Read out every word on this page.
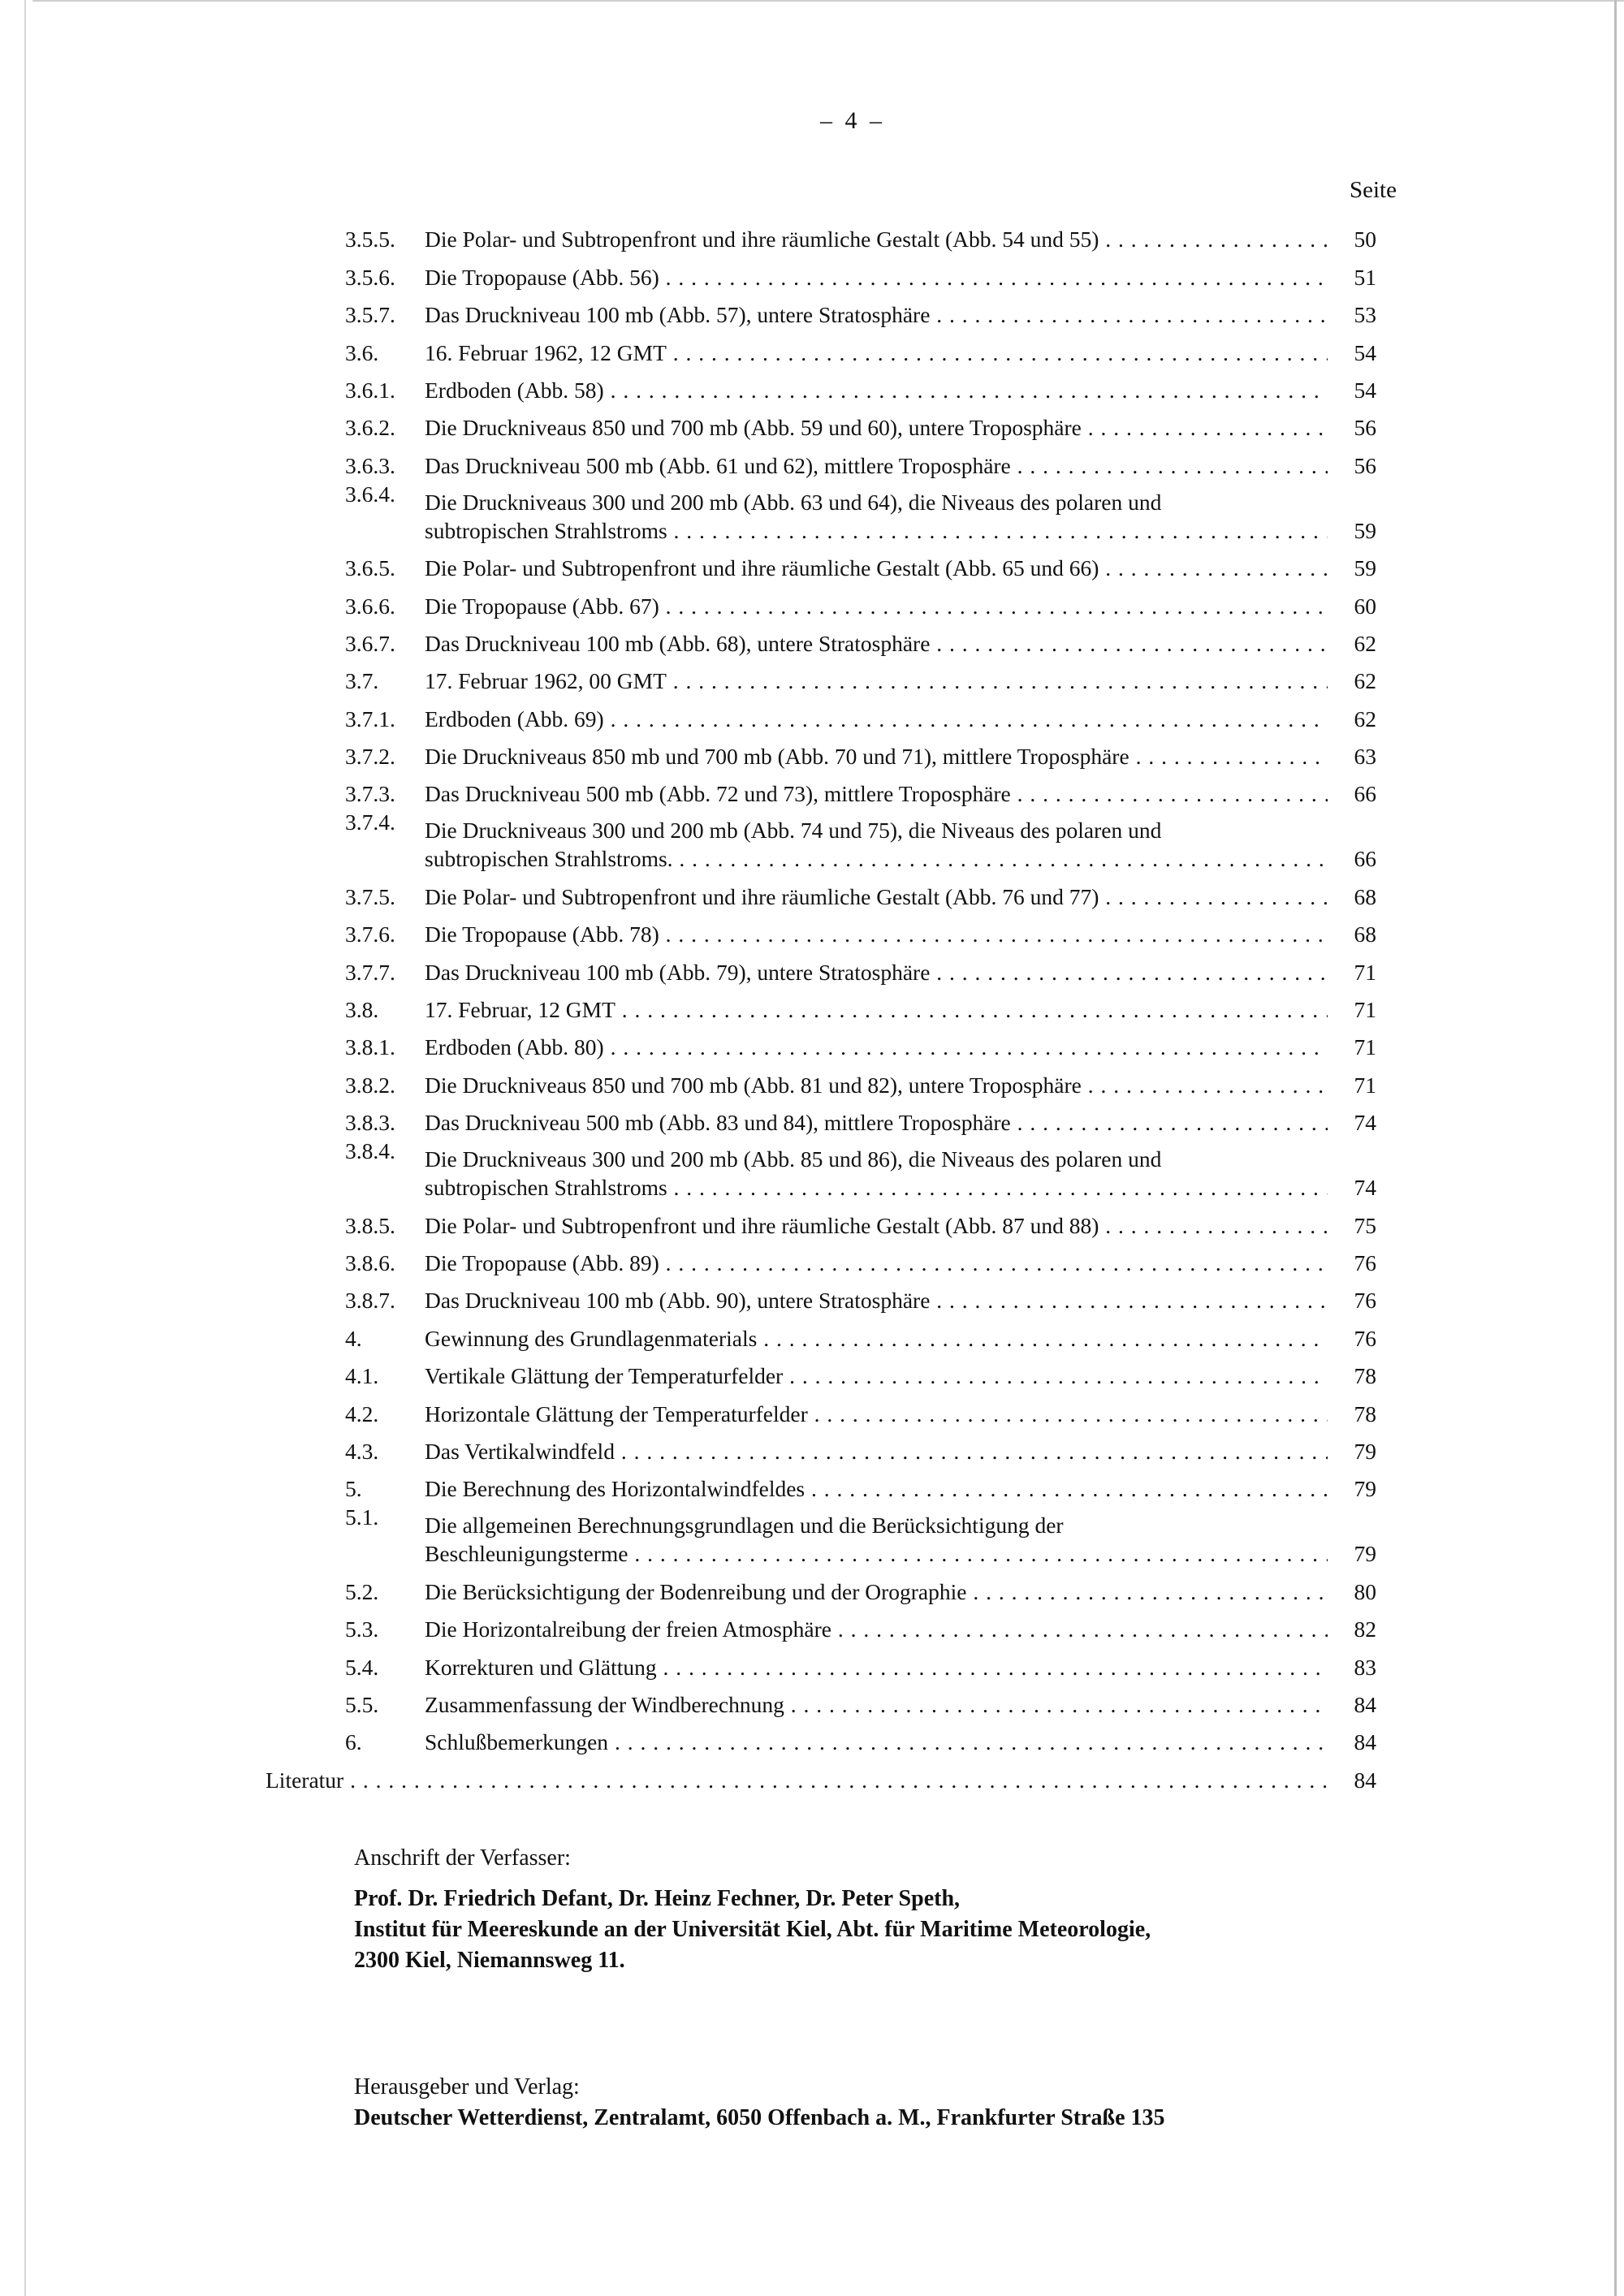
– 4 –
Seite
3.5.5.	Die Polar- und Subtropenfront und ihre räumliche Gestalt (Abb. 54 und 55) . . .	50
3.5.6.	Die Tropopause (Abb. 56) . . .	51
3.5.7.	Das Druckniveau 100 mb (Abb. 57), untere Stratosphäre . . .	53
3.6.	16. Februar 1962, 12 GMT . . .	54
3.6.1.	Erdboden (Abb. 58) . . .	54
3.6.2.	Die Druckniveaus 850 und 700 mb (Abb. 59 und 60), untere Troposphäre . . .	56
3.6.3.	Das Druckniveau 500 mb (Abb. 61 und 62), mittlere Troposphäre . . .	56
3.6.4.	Die Druckniveaus 300 und 200 mb (Abb. 63 und 64), die Niveaus des polaren und
subtropischen Strahlstroms . . .	59
3.6.5.	Die Polar- und Subtropenfront und ihre räumliche Gestalt (Abb. 65 und 66) . . .	59
3.6.6.	Die Tropopause (Abb. 67) . . .	60
3.6.7.	Das Druckniveau 100 mb (Abb. 68), untere Stratosphäre . . .	62
3.7.	17. Februar 1962, 00 GMT . . .	62
3.7.1.	Erdboden (Abb. 69) . . .	62
3.7.2.	Die Druckniveaus 850 mb und 700 mb (Abb. 70 und 71), mittlere Troposphäre . . .	63
3.7.3.	Das Druckniveau 500 mb (Abb. 72 und 73), mittlere Troposphäre . . .	66
3.7.4.	Die Druckniveaus 300 und 200 mb (Abb. 74 und 75), die Niveaus des polaren und
subtropischen Strahlstroms. . . .	66
3.7.5.	Die Polar- und Subtropenfront und ihre räumliche Gestalt (Abb. 76 und 77) . . .	68
3.7.6.	Die Tropopause (Abb. 78) . . .	68
3.7.7.	Das Druckniveau 100 mb (Abb. 79), untere Stratosphäre . . .	71
3.8.	17. Februar, 12 GMT . . .	71
3.8.1.	Erdboden (Abb. 80) . . .	71
3.8.2.	Die Druckniveaus 850 und 700 mb (Abb. 81 und 82), untere Troposphäre . . .	71
3.8.3.	Das Druckniveau 500 mb (Abb. 83 und 84), mittlere Troposphäre . . .	74
3.8.4.	Die Druckniveaus 300 und 200 mb (Abb. 85 und 86), die Niveaus des polaren und
subtropischen Strahlstroms . . .	74
3.8.5.	Die Polar- und Subtropenfront und ihre räumliche Gestalt (Abb. 87 und 88) . . .	75
3.8.6.	Die Tropopause (Abb. 89) . . .	76
3.8.7.	Das Druckniveau 100 mb (Abb. 90), untere Stratosphäre . . .	76
4.	Gewinnung des Grundlagenmaterials . . .	76
4.1.	Vertikale Glättung der Temperaturfelder . . .	78
4.2.	Horizontale Glättung der Temperaturfelder . . .	78
4.3.	Das Vertikalwindfeld . . .	79
5.	Die Berechnung des Horizontalwindfeldes . . .	79
5.1.	Die allgemeinen Berechnungsgrundlagen und die Berücksichtigung der
Beschleunigungsterme . . .	79
5.2.	Die Berücksichtigung der Bodenreibung und der Orographie . . .	80
5.3.	Die Horizontalreibung der freien Atmosphäre . . .	82
5.4.	Korrekturen und Glättung . . .	83
5.5.	Zusammenfassung der Windberechnung . . .	84
6.	Schlußbemerkungen . . .	84
Literatur . . .	84
Anschrift der Verfasser:
Prof. Dr. Friedrich Defant, Dr. Heinz Fechner, Dr. Peter Speth,
Institut für Meereskunde an der Universität Kiel, Abt. für Maritime Meteorologie,
2300 Kiel, Niemannsweg 11.
Herausgeber und Verlag:
Deutscher Wetterdienst, Zentralamt, 6050 Offenbach a. M., Frankfurter Straße 135
